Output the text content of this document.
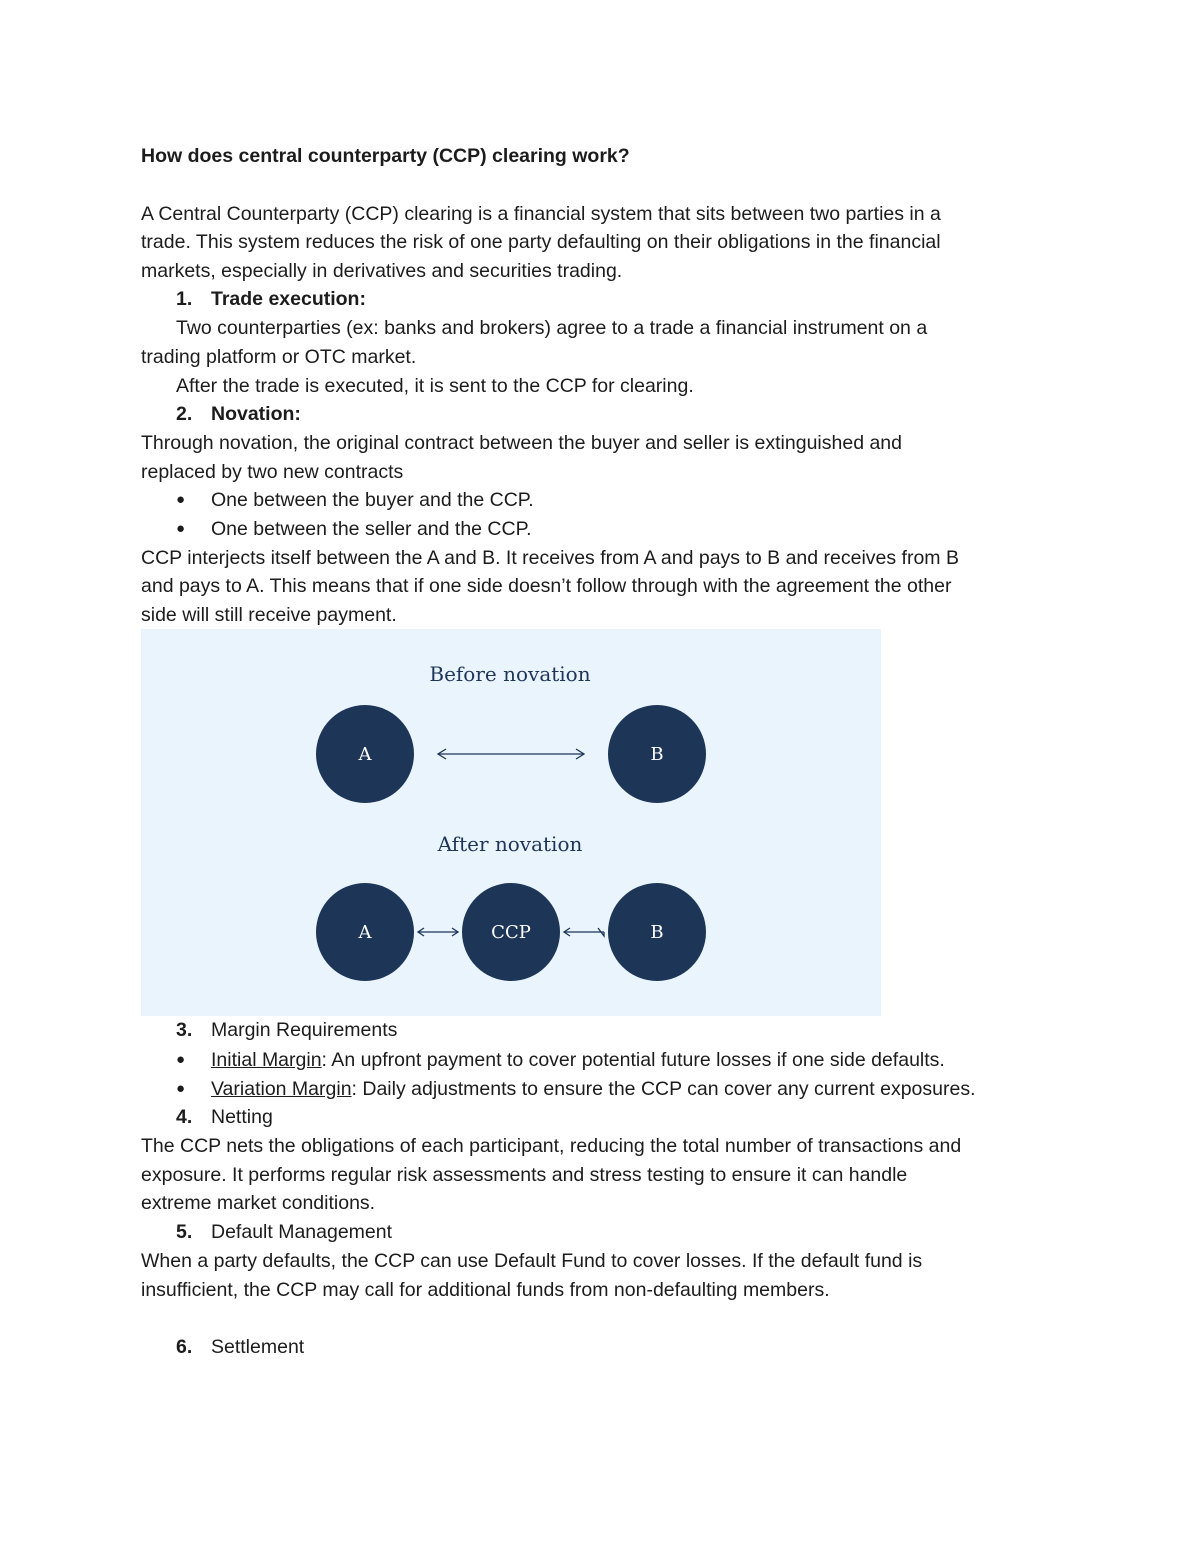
How does central counterparty (CCP) clearing work?
A Central Counterparty (CCP) clearing is a financial system that sits between two parties in a
trade. This system reduces the risk of one party defaulting on their obligations in the financial
markets, especially in derivatives and securities trading.
1. Trade execution:
Two counterparties (ex: banks and brokers) agree to a trade a financial instrument on a
trading platform or OTC market.
After the trade is executed, it is sent to the CCP for clearing.
2. Novation:
Through novation, the original contract between the buyer and seller is extinguished and
replaced by two new contracts
● One between the buyer and the CCP.
● One between the seller and the CCP.
CCP interjects itself between the A and B. It receives from A and pays to B and receives from B
and pays to A. This means that if one side doesn’t follow through with the agreement the other
side will still receive payment.
Before novation
After novation
A	B
A	CCP	B
3. Margin Requirements
● Initial Margin: An upfront payment to cover potential future losses if one side defaults.
● Variation Margin: Daily adjustments to ensure the CCP can cover any current exposures.
4. Netting
The CCP nets the obligations of each participant, reducing the total number of transactions and
exposure. It performs regular risk assessments and stress testing to ensure it can handle
extreme market conditions.
5. Default Management
When a party defaults, the CCP can use Default Fund to cover losses. If the default fund is
insufficient, the CCP may call for additional funds from non-defaulting members.
6. Settlement
